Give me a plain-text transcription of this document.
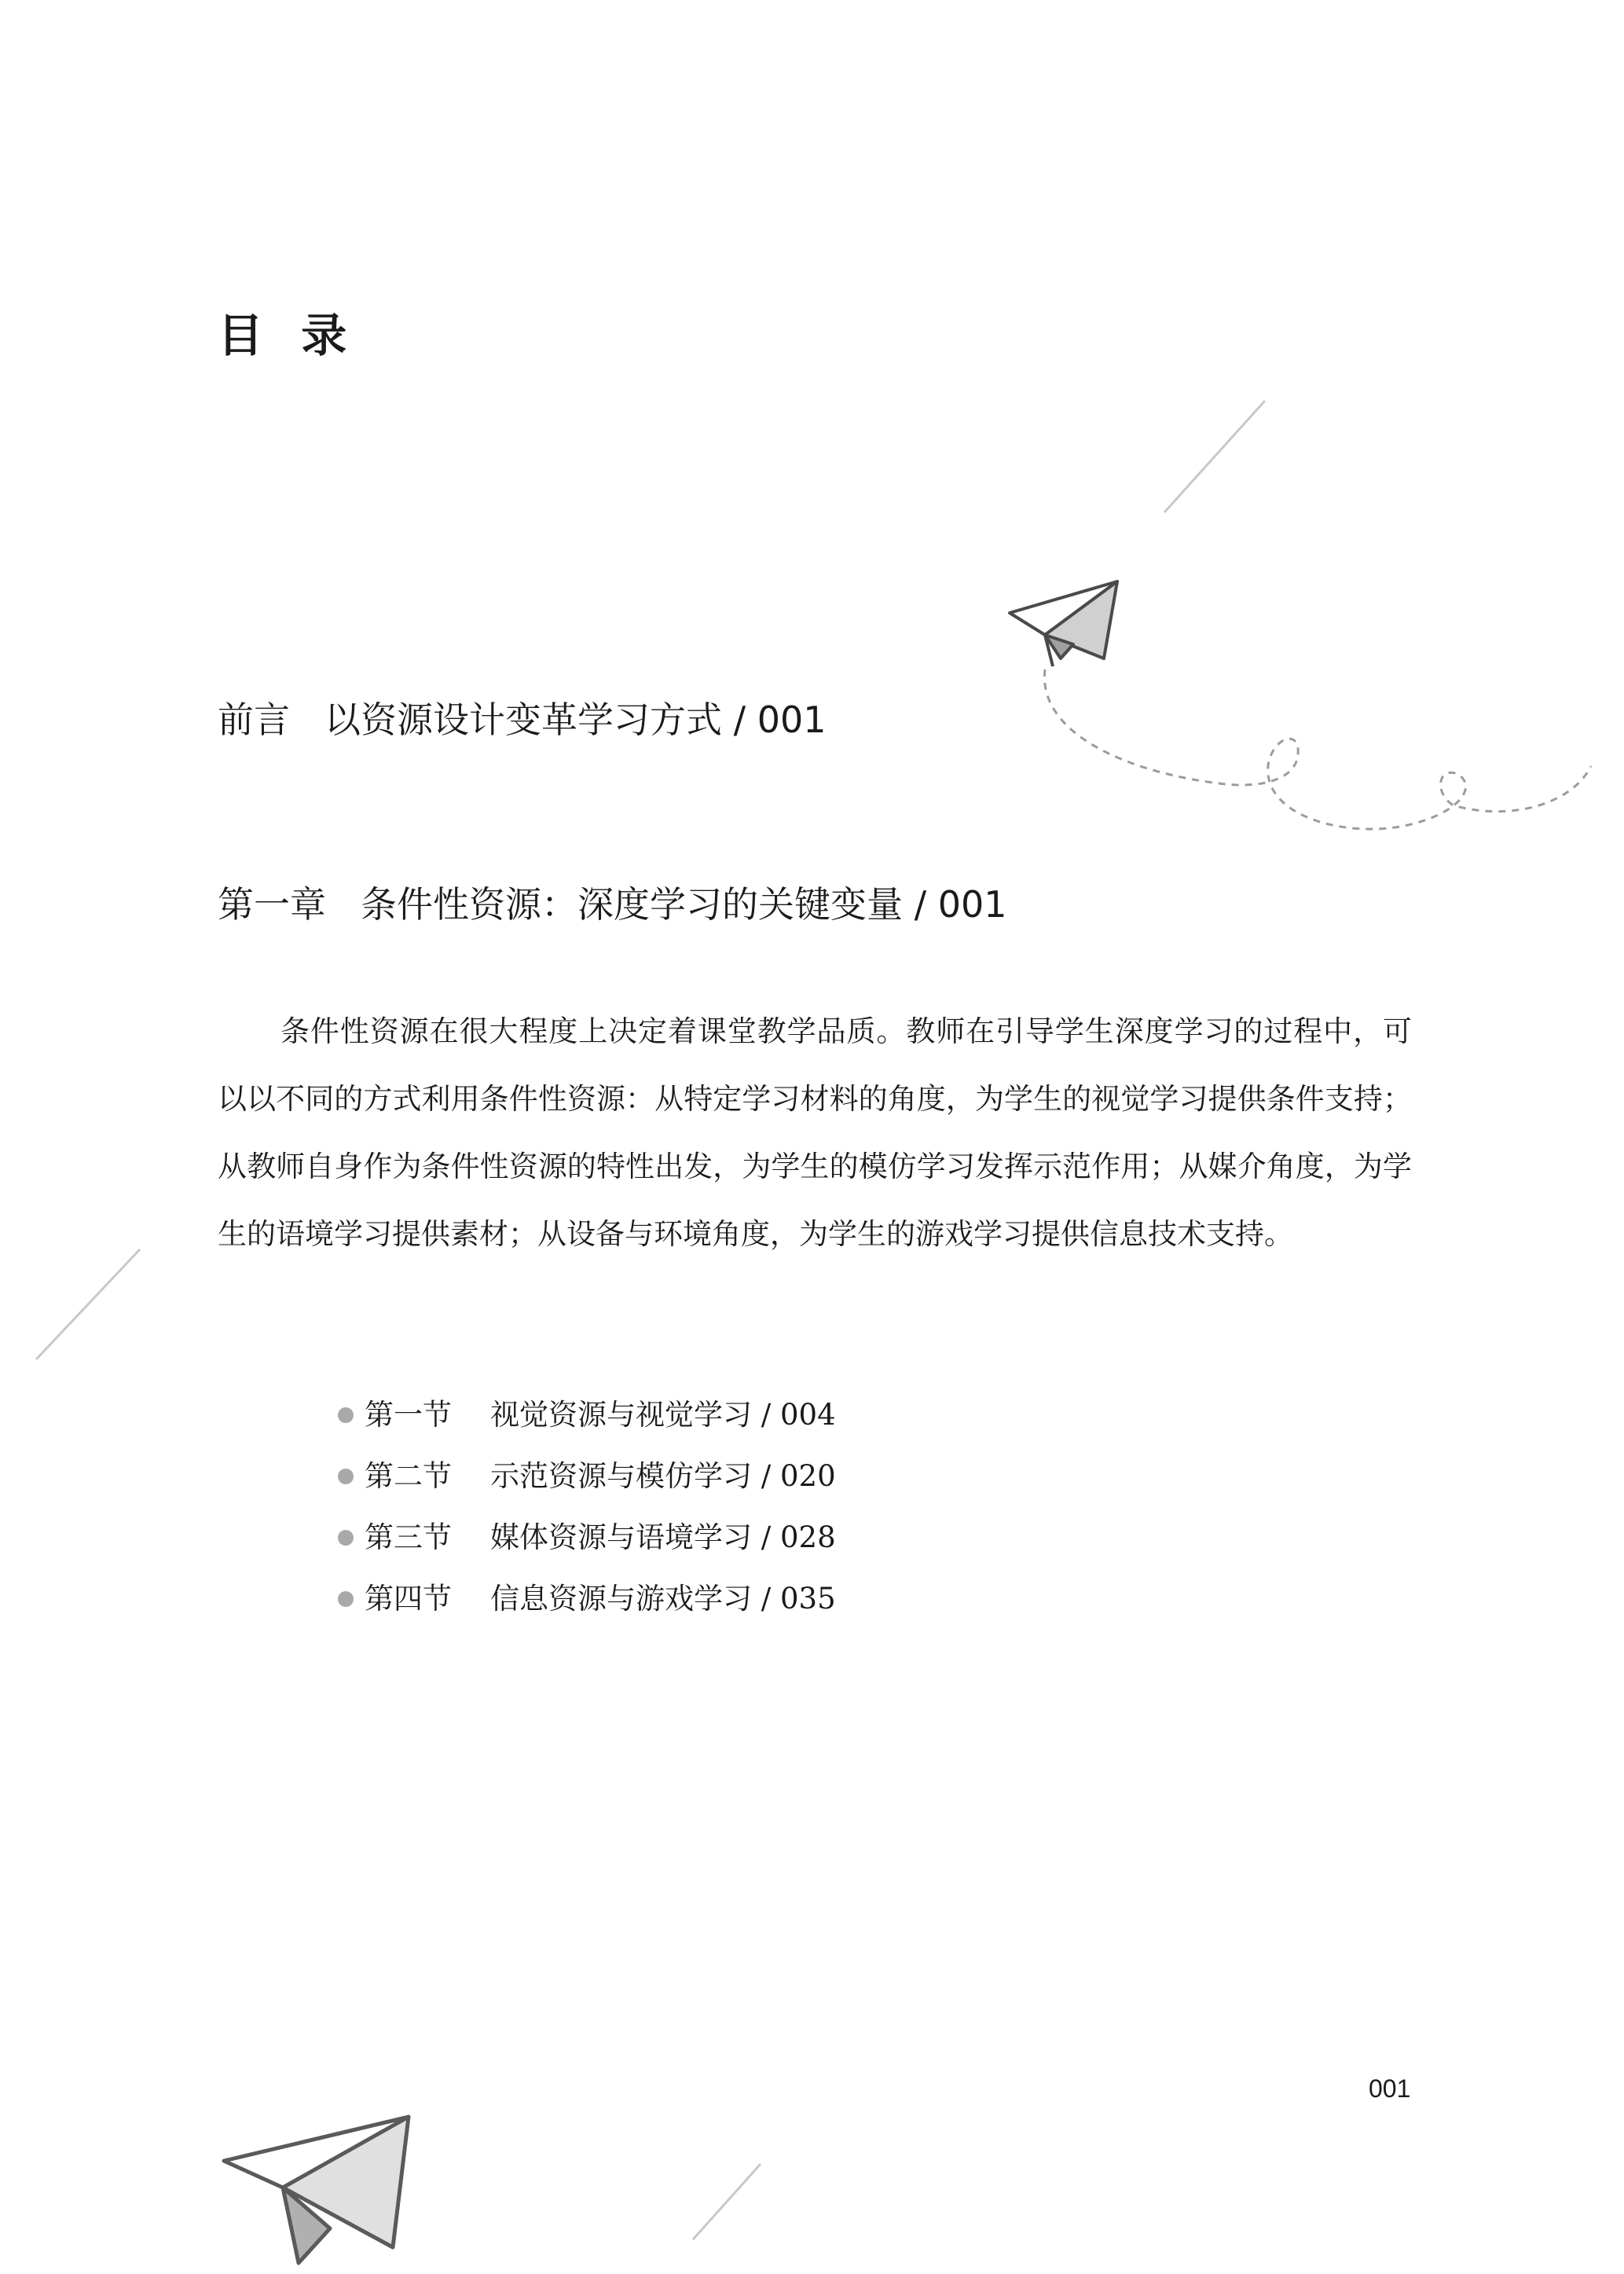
目 录
前言 以资源设计变革学习方式 / 001
第一章 条件性资源：深度学习的关键变量 / 001

条件性资源在很大程度上决定着课堂教学品质。教师在引导学生深度学习的过程中，可以以不同的方式利用条件性资源：从特定学习材料的角度，为学生的视觉学习提供条件支持；从教师自身作为条件性资源的特性出发，为学生的模仿学习发挥示范作用；从媒介角度，为学生的语境学习提供素材；从设备与环境角度，为学生的游戏学习提供信息技术支持。

第一节	视觉资源与视觉学习 / 004
第二节	示范资源与模仿学习 / 020
第三节	媒体资源与语境学习 / 028
第四节	信息资源与游戏学习 / 035
001
